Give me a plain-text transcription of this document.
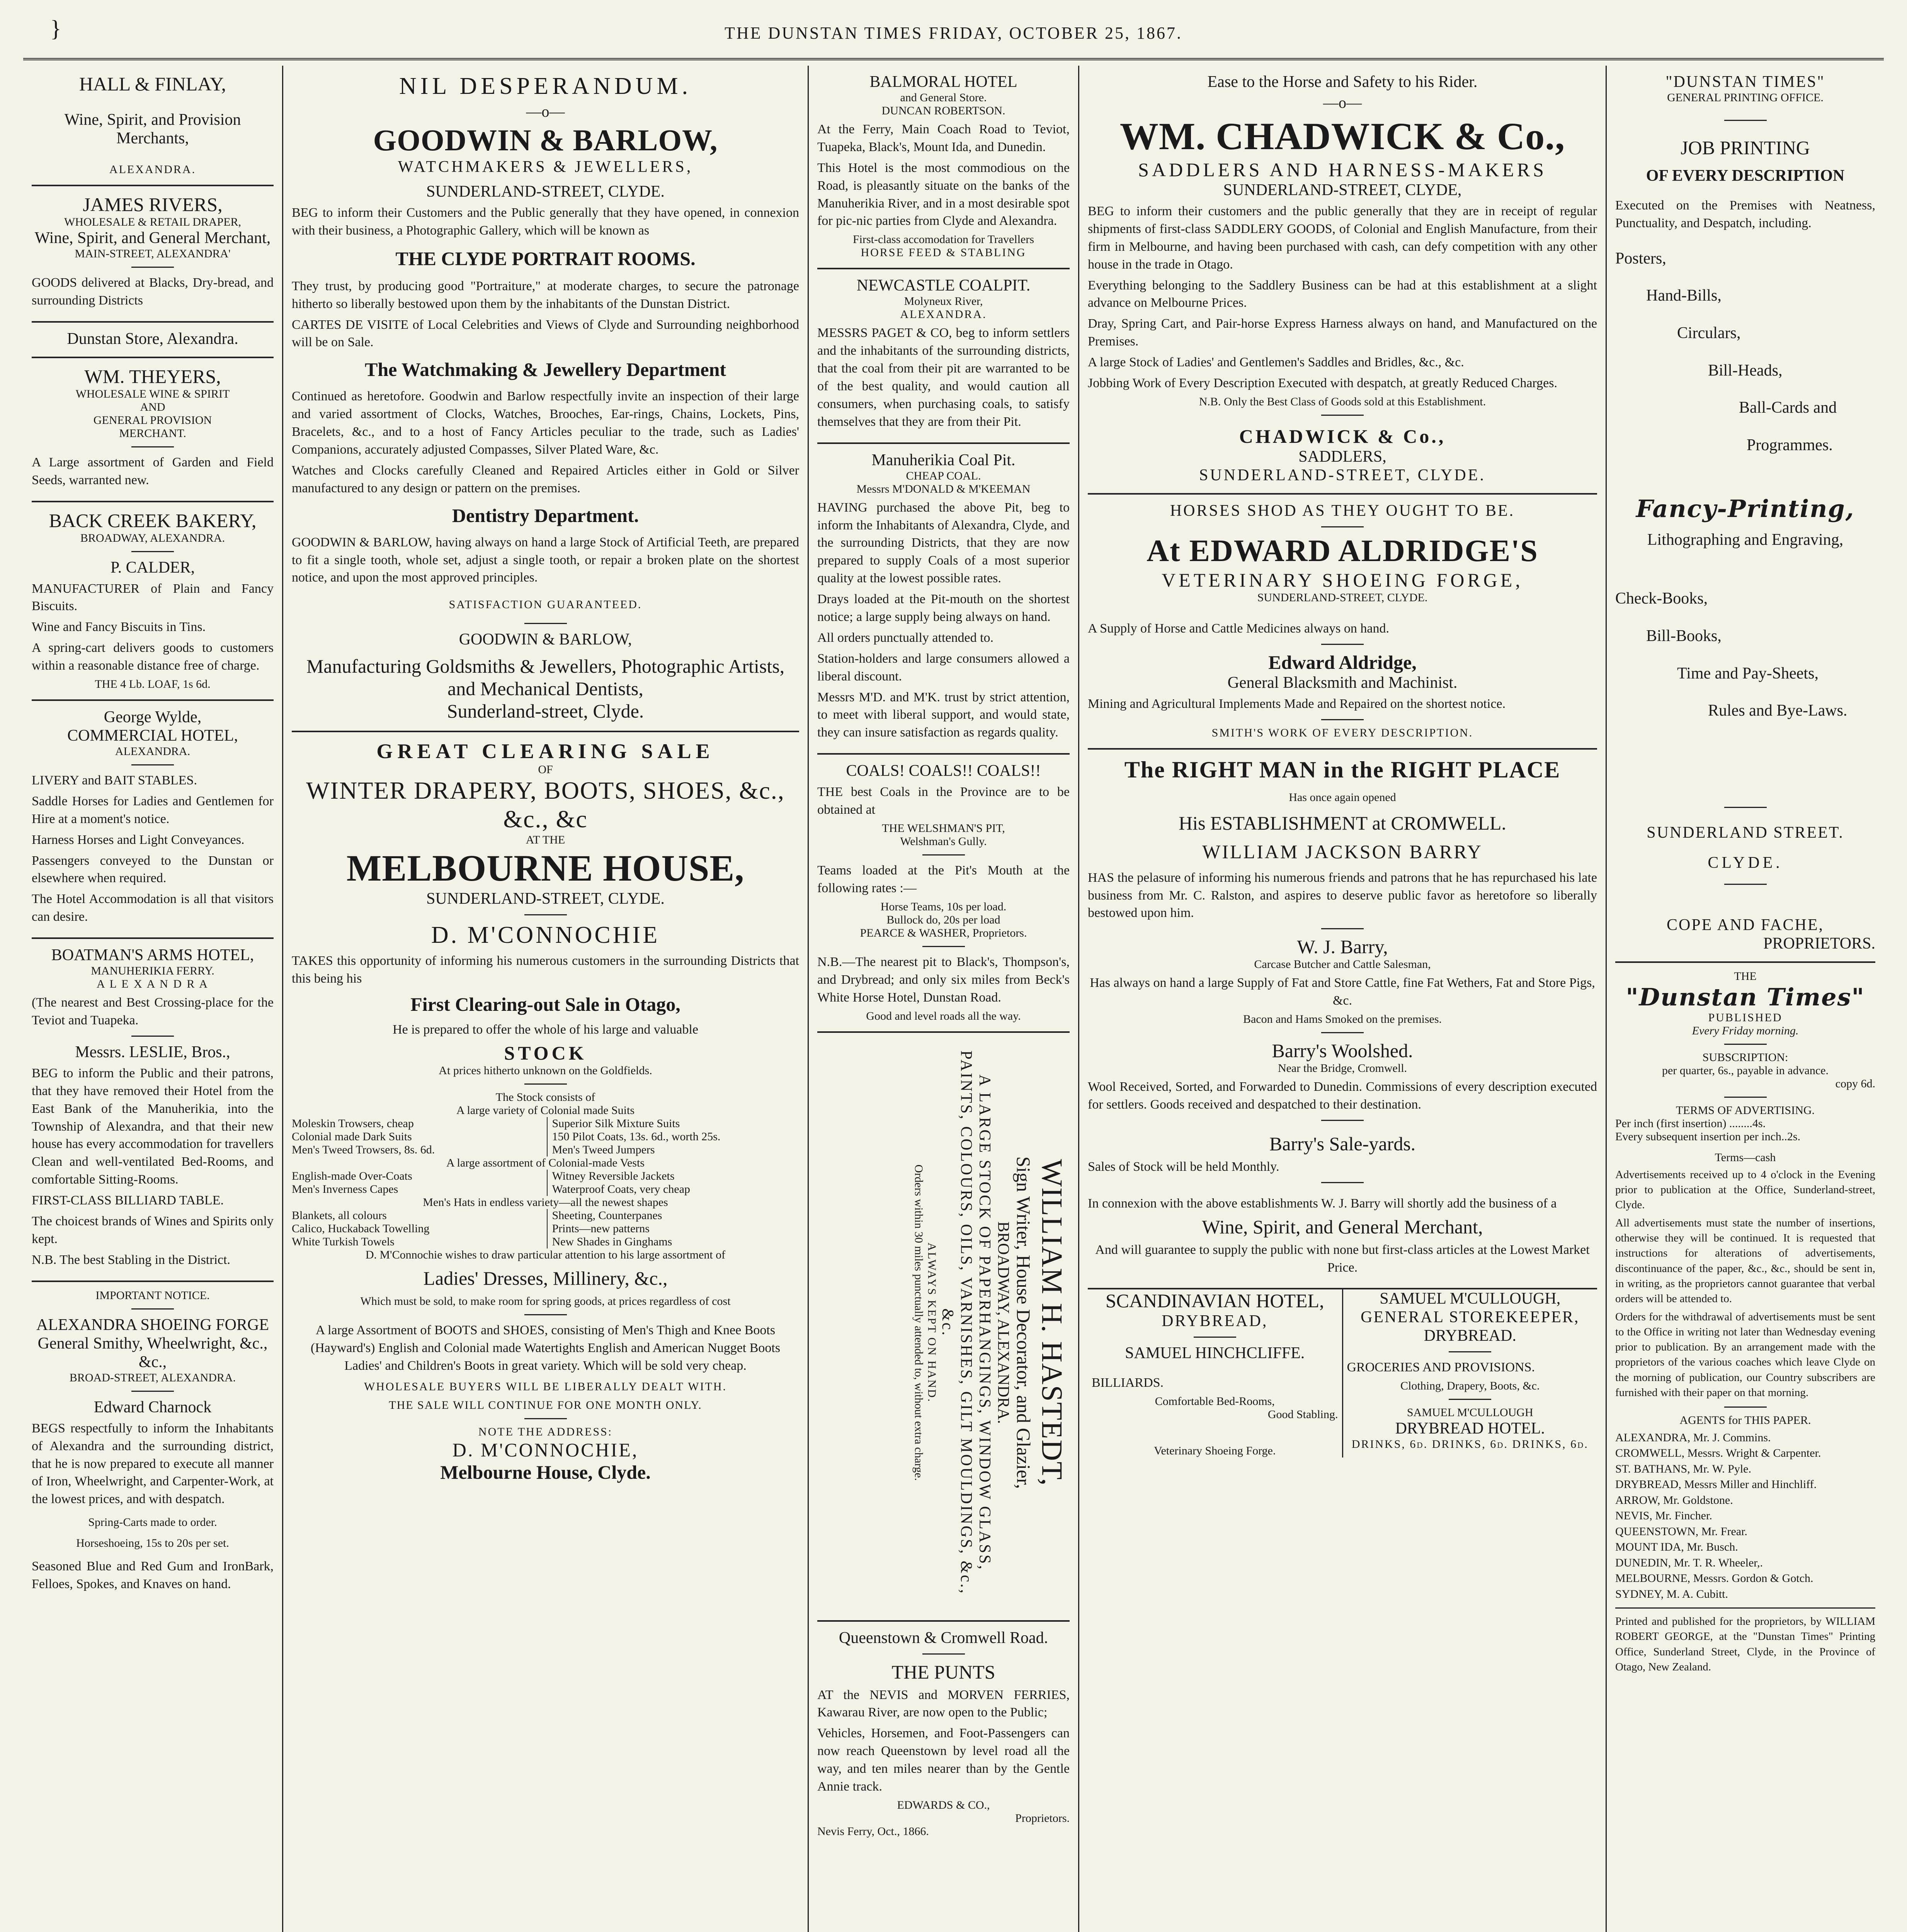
}	THE DUNSTAN TIMES FRIDAY, OCTOBER 25, 1867.
HALL & FINLAY,
Wine, Spirit, and Provision Merchants,
ALEXANDRA.
JAMES RIVERS,
WHOLESALE & RETAIL DRAPER,
Wine, Spirit, and General Merchant,
MAIN-STREET, ALEXANDRA'
GOODS delivered at Blacks, Dry-bread, and surrounding Districts
Dunstan Store, Alexandra.
WM. THEYERS,
WHOLESALE WINE & SPIRIT
AND
GENERAL PROVISION
MERCHANT.
A Large assortment of Garden and Field Seeds, warranted new.
BACK CREEK BAKERY,
BROADWAY, ALEXANDRA.
P. CALDER,
MANUFACTURER of Plain and Fancy Biscuits.
Wine and Fancy Biscuits in Tins.
A spring-cart delivers goods to customers within a reasonable distance free of charge.
THE 4 Lb. LOAF, 1s 6d.
George Wylde,
COMMERCIAL HOTEL,
ALEXANDRA.
LIVERY and BAIT STABLES.
Saddle Horses for Ladies and Gentlemen for Hire at a moment's notice.
Harness Horses and Light Conveyances.
Passengers conveyed to the Dunstan or elsewhere when required.
The Hotel Accommodation is all that visitors can desire.
BOATMAN'S ARMS HOTEL,
MANUHERIKIA FERRY.
A L E X A N D R A
(The nearest and Best Crossing-place for the Teviot and Tuapeka.
Messrs. LESLIE, Bros.,
BEG to inform the Public and their patrons, that they have removed their Hotel from the East Bank of the Manuherikia, into the Township of Alexandra, and that their new house has every accommodation for travellers Clean and well-ventilated Bed-Rooms, and comfortable Sitting-Rooms.
FIRST-CLASS BILLIARD TABLE.
The choicest brands of Wines and Spirits only kept.
N.B. The best Stabling in the District.
IMPORTANT NOTICE.
ALEXANDRA SHOEING FORGE
General Smithy, Wheelwright, &c., &c.,
BROAD-STREET, ALEXANDRA.
Edward Charnock
BEGS respectfully to inform the Inhabitants of Alexandra and the surrounding district, that he is now prepared to execute all manner of Iron, Wheelwright, and Carpenter-Work, at the lowest prices, and with despatch.
Spring-Carts made to order.
Horseshoeing, 15s to 20s per set.
Seasoned Blue and Red Gum and IronBark, Felloes, Spokes, and Knaves on hand.
NIL DESPERANDUM.
—o—
GOODWIN & BARLOW,
WATCHMAKERS & JEWELLERS,
SUNDERLAND-STREET, CLYDE.
BEG to inform their Customers and the Public generally that they have opened, in connexion with their business, a Photographic Gallery, which will be known as
THE CLYDE PORTRAIT ROOMS.
They trust, by producing good "Portraiture," at moderate charges, to secure the patronage hitherto so liberally bestowed upon them by the inhabitants of the Dunstan District.
CARTES DE VISITE of Local Celebrities and Views of Clyde and Surrounding neighborhood will be on Sale.
The Watchmaking & Jewellery Department
Continued as heretofore. Goodwin and Barlow respectfully invite an inspection of their large and varied assortment of Clocks, Watches, Brooches, Ear-rings, Chains, Lockets, Pins, Bracelets, &c., and to a host of Fancy Articles peculiar to the trade, such as Ladies' Companions, accurately adjusted Compasses, Silver Plated Ware, &c.
Watches and Clocks carefully Cleaned and Repaired Articles either in Gold or Silver manufactured to any design or pattern on the premises.
Dentistry Department.
GOODWIN & BARLOW, having always on hand a large Stock of Artificial Teeth, are prepared to fit a single tooth, whole set, adjust a single tooth, or repair a broken plate on the shortest notice, and upon the most approved principles.
SATISFACTION GUARANTEED.
GOODWIN & BARLOW,
Manufacturing Goldsmiths & Jewellers, Photographic Artists, and Mechanical Dentists,
Sunderland-street, Clyde.
GREAT CLEARING SALE
OF
WINTER DRAPERY, BOOTS, SHOES, &c., &c., &c
AT THE
MELBOURNE HOUSE,
SUNDERLAND-STREET, CLYDE.
D. M'CONNOCHIE
TAKES this opportunity of informing his numerous customers in the surrounding Districts that this being his
First Clearing-out Sale in Otago,
He is prepared to offer the whole of his large and valuable
STOCK
At prices hitherto unknown on the Goldfields.
The Stock consists of
A large variety of Colonial made Suits
Moleskin Trowsers, cheap
Colonial made Dark Suits
Men's Tweed Trowsers, 8s. 6d.
Superior Silk Mixture Suits
150 Pilot Coats, 13s. 6d., worth 25s.
Men's Tweed Jumpers
A large assortment of Colonial-made Vests
English-made Over-Coats
Men's Inverness Capes
Witney Reversible Jackets
Waterproof Coats, very cheap
Men's Hats in endless variety—all the newest shapes
Blankets, all colours
Calico, Huckaback Towelling
White Turkish Towels
Sheeting, Counterpanes
Prints—new patterns
New Shades in Ginghams
D. M'Connochie wishes to draw particular attention to his large assortment of
Ladies' Dresses, Millinery, &c.,
Which must be sold, to make room for spring goods, at prices regardless of cost
A large Assortment of BOOTS and SHOES, consisting of Men's Thigh and Knee Boots (Hayward's) English and Colonial made Watertights English and American Nugget Boots Ladies' and Children's Boots in great variety. Which will be sold very cheap.
WHOLESALE BUYERS WILL BE LIBERALLY DEALT WITH.
THE SALE WILL CONTINUE FOR ONE MONTH ONLY.
NOTE THE ADDRESS:
D. M'CONNOCHIE,
Melbourne House, Clyde.
BALMORAL HOTEL
and General Store.
DUNCAN ROBERTSON.
At the Ferry, Main Coach Road to Teviot, Tuapeka, Black's, Mount Ida, and Dunedin.
This Hotel is the most commodious on the Road, is pleasantly situate on the banks of the Manuherikia River, and in a most desirable spot for pic-nic parties from Clyde and Alexandra.
First-class accomodation for Travellers
HORSE FEED & STABLING
NEWCASTLE COALPIT.
Molyneux River,
ALEXANDRA.
MESSRS PAGET & CO, beg to inform settlers and the inhabitants of the surrounding districts, that the coal from their pit are warranted to be of the best quality, and would caution all consumers, when purchasing coals, to satisfy themselves that they are from their Pit.
Manuherikia Coal Pit.
CHEAP COAL.
Messrs M'DONALD & M'KEEMAN
HAVING purchased the above Pit, beg to inform the Inhabitants of Alexandra, Clyde, and the surrounding Districts, that they are now prepared to supply Coals of a most superior quality at the lowest possible rates.
Drays loaded at the Pit-mouth on the shortest notice; a large supply being always on hand.
All orders punctually attended to.
Station-holders and large consumers allowed a liberal discount.
Messrs M'D. and M'K. trust by strict attention, to meet with liberal support, and would state, they can insure satisfaction as regards quality.
COALS! COALS!! COALS!!
THE best Coals in the Province are to be obtained at
THE WELSHMAN'S PIT,
Welshman's Gully.
Teams loaded at the Pit's Mouth at the following rates :—
Horse Teams, 10s per load.
Bullock do, 20s per load
PEARCE & WASHER, Proprietors.
N.B.—The nearest pit to Black's, Thompson's, and Drybread; and only six miles from Beck's White Horse Hotel, Dunstan Road.
Good and level roads all the way.
WILLIAM H. HASTEDT,
Sign Writer, House Decorator, and Glazier,
BROADWAY, ALEXANDRA.
A LARGE STOCK OF PAPERHANGINGS, WINDOW GLASS, PAINTS, COLOURS, OILS, VARNISHES, GILT MOULDINGS, &c., &c.
ALWAYS KEPT ON HAND.
Orders within 30 miles punctually attended to, without extra charge.
Queenstown & Cromwell Road.
THE PUNTS
AT the NEVIS and MORVEN FERRIES, Kawarau River, are now open to the Public;
Vehicles, Horsemen, and Foot-Passengers can now reach Queenstown by level road all the way, and ten miles nearer than by the Gentle Annie track.
EDWARDS & CO.,
Proprietors.
Nevis Ferry, Oct., 1866.
Ease to the Horse and Safety to his Rider.
—o—
WM. CHADWICK & Co.,
SADDLERS AND HARNESS-MAKERS
SUNDERLAND-STREET, CLYDE,
BEG to inform their customers and the public generally that they are in receipt of regular shipments of first-class SADDLERY GOODS, of Colonial and English Manufacture, from their firm in Melbourne, and having been purchased with cash, can defy competition with any other house in the trade in Otago.
Everything belonging to the Saddlery Business can be had at this establishment at a slight advance on Melbourne Prices.
Dray, Spring Cart, and Pair-horse Express Harness always on hand, and Manufactured on the Premises.
A large Stock of Ladies' and Gentlemen's Saddles and Bridles, &c., &c.
Jobbing Work of Every Description Executed with despatch, at greatly Reduced Charges.
N.B. Only the Best Class of Goods sold at this Establishment.
CHADWICK & Co.,
SADDLERS,
SUNDERLAND-STREET, CLYDE.
HORSES SHOD AS THEY OUGHT TO BE.
At EDWARD ALDRIDGE'S
VETERINARY SHOEING FORGE,
SUNDERLAND-STREET, CLYDE.
A Supply of Horse and Cattle Medicines always on hand.
Edward Aldridge,
General Blacksmith and Machinist.
Mining and Agricultural Implements Made and Repaired on the shortest notice.
SMITH'S WORK OF EVERY DESCRIPTION.
The RIGHT MAN in the RIGHT PLACE
Has once again opened
His ESTABLISHMENT at CROMWELL.
WILLIAM JACKSON BARRY
HAS the pelasure of informing his numerous friends and patrons that he has repurchased his late business from Mr. C. Ralston, and aspires to deserve public favor as heretofore so liberally bestowed upon him.
W. J. Barry,
Carcase Butcher and Cattle Salesman,
Has always on hand a large Supply of Fat and Store Cattle, fine Fat Wethers, Fat and Store Pigs, &c.
Bacon and Hams Smoked on the premises.
Barry's Woolshed.
Near the Bridge, Cromwell.
Wool Received, Sorted, and Forwarded to Dunedin. Commissions of every description executed for settlers. Goods received and despatched to their destination.
Barry's Sale-yards.
Sales of Stock will be held Monthly.
In connexion with the above establishments W. J. Barry will shortly add the business of a
Wine, Spirit, and General Merchant,
And will guarantee to supply the public with none but first-class articles at the Lowest Market Price.
SCANDINAVIAN HOTEL,
DRYBREAD,
SAMUEL HINCHCLIFFE.
BILLIARDS.
Comfortable Bed-Rooms,
Good Stabling.
Veterinary Shoeing Forge.
SAMUEL M'CULLOUGH,
GENERAL STOREKEEPER,
DRYBREAD.
GROCERIES AND PROVISIONS.
Clothing, Drapery, Boots, &c.
SAMUEL M'CULLOUGH
DRYBREAD HOTEL.
DRINKS, 6d. DRINKS, 6d. DRINKS, 6d.
"DUNSTAN TIMES"
GENERAL PRINTING OFFICE.
JOB PRINTING
OF EVERY DESCRIPTION
Executed on the Premises with Neatness, Punctuality, and Despatch, including.
Posters,
Hand-Bills,
Circulars,
Bill-Heads,
Ball-Cards and
Programmes.
Fancy-Printing,
Lithographing and Engraving,
Check-Books,
Bill-Books,
Time and Pay-Sheets,
Rules and Bye-Laws.
SUNDERLAND STREET.
CLYDE.
COPE AND FACHE,
PROPRIETORS.
THE
"Dunstan Times"
PUBLISHED
Every Friday morning.
SUBSCRIPTION:
per quarter, 6s., payable in advance.
copy 6d.
TERMS OF ADVERTISING.
Per inch (first insertion) ........4s.
Every subsequent insertion per inch..2s.
Terms—cash
Advertisements received up to 4 o'clock in the Evening prior to publication at the Office, Sunderland-street, Clyde.
All advertisements must state the number of insertions, otherwise they will be continued. It is requested that instructions for alterations of advertisements, discontinuance of the paper, &c., &c., should be sent in, in writing, as the proprietors cannot guarantee that verbal orders will be attended to.
Orders for the withdrawal of advertisements must be sent to the Office in writing not later than Wednesday evening prior to publication. By an arrangement made with the proprietors of the various coaches which leave Clyde on the morning of publication, our Country subscribers are furnished with their paper on that morning.
AGENTS for THIS PAPER.
ALEXANDRA, Mr. J. Commins.
CROMWELL, Messrs. Wright & Carpenter.
ST. BATHANS, Mr. W. Pyle.
DRYBREAD, Messrs Miller and Hinchliff.
ARROW, Mr. Goldstone.
NEVIS, Mr. Fincher.
QUEENSTOWN, Mr. Frear.
MOUNT IDA, Mr. Busch.
DUNEDIN, Mr. T. R. Wheeler,.
MELBOURNE, Messrs. Gordon & Gotch.
SYDNEY, M. A. Cubitt.
Printed and published for the proprietors, by WILLIAM ROBERT GEORGE, at the "Dunstan Times" Printing Office, Sunderland Street, Clyde, in the Province of Otago, New Zealand.
